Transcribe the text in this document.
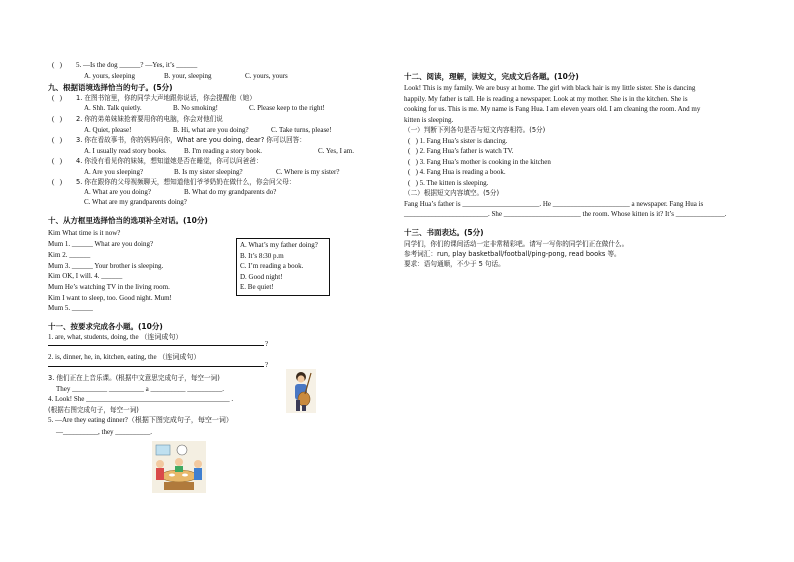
(   ) 5. —Is the dog ______? —Yes, it’s ______
A. yours, sleeping	B. your, sleeping	C. yours, yours
九、根据语境选择恰当的句子。(5分)
(   ) 1. 在图书馆里，你的同学大声地跟你说话，你会提醒他（她）
A. Shh. Talk quietly.	B. No smoking!	C. Please keep to the right!
(   ) 2. 你的弟弟妹妹抢着要用你的电脑，你会对他们说
A. Quiet, please!	B. Hi, what are you doing?	C. Take turns, please!
(   ) 3. 你在看故事书，你的妈妈问你，What are you doing, dear? 你可以回答：
A. I usually read story books. B. I'm reading a story book.	C. Yes, I am.
(   ) 4. 你没有看见你的妹妹，想知道她是否在睡觉，你可以问爸爸：
A. Are you sleeping?	B. Is my sister sleeping?	C. Where is my sister?
(   ) 5. 你在跟你的父母视频聊天，想知道他们爷爷奶奶在做什么，你会问父母：
A. What are you doing?	B. What do my grandparents do?
C. What are my grandparents doing?
十、从方框里选择恰当的选项补全对话。(10分)
Kim What time is it now?
Mum 1. ______ What are you doing?
Kim 2. ______
Mum 3. ______ Your brother is sleeping.
Kim OK, I will. 4. ______
Mum He’s watching TV in the living room.
Kim I want to sleep, too. Good night. Mum!
Mum 5. ______
A. What’s my father doing?
B. It’s 8:30 p.m
C. I’m reading a book.
D. Good night!
E. Be quiet!
十一、按要求完成各小题。(10分)
1. are, what, students, doing, the （连词成句）
?
2. is, dinner, he, in, kitchen, eating, the （连词成句）
?
3. 他们正在上音乐课。(根据中文意思完成句子，每空一词)
They __________ __________ a __________ __________.
4. Look! She _________________________________________ .
(根据右图完成句子，每空一词)
5. —Are they eating dinner?（根据下图完成句子，每空一词）
—__________, they __________.
十二、阅读，理解，读短文，完成文后各题。(10分)
Look! This is my family. We are busy at home. The girl with black hair is my little sister. She is dancing
happily. My father is tall. He is reading a newspaper. Look at my mother. She is in the kitchen. She is
cooking for us. This is me. My name is Fang Hua. I am eleven years old. I am cleaning the room. And my
kitten is sleeping.
（一）判断下列各句是否与短文内容相符。(5分)
(   ) 1. Fang Hua’s sister is dancing.
(   ) 2. Fang Hua’s father is watch TV.
(   ) 3. Fang Hua’s mother is cooking in the kitchen
(   ) 4. Fang Hua is reading a book.
(   ) 5. The kitten is sleeping.
（二）根据短文内容填空。(5分)
Fang Hua’s father is ______________________. He ______________________ a newspaper. Fang Hua is
________________________. She ______________________ the room. Whose kitten is it? It’s ______________.
十三、书面表达。(5分)
同学们，你们的课间活动一定非常精彩吧。请写一写你的同学们正在做什么。
参考词汇：run, play basketball/football/ping-pong, read books 等。
要求：语句通顺，不少于 5 句话。
